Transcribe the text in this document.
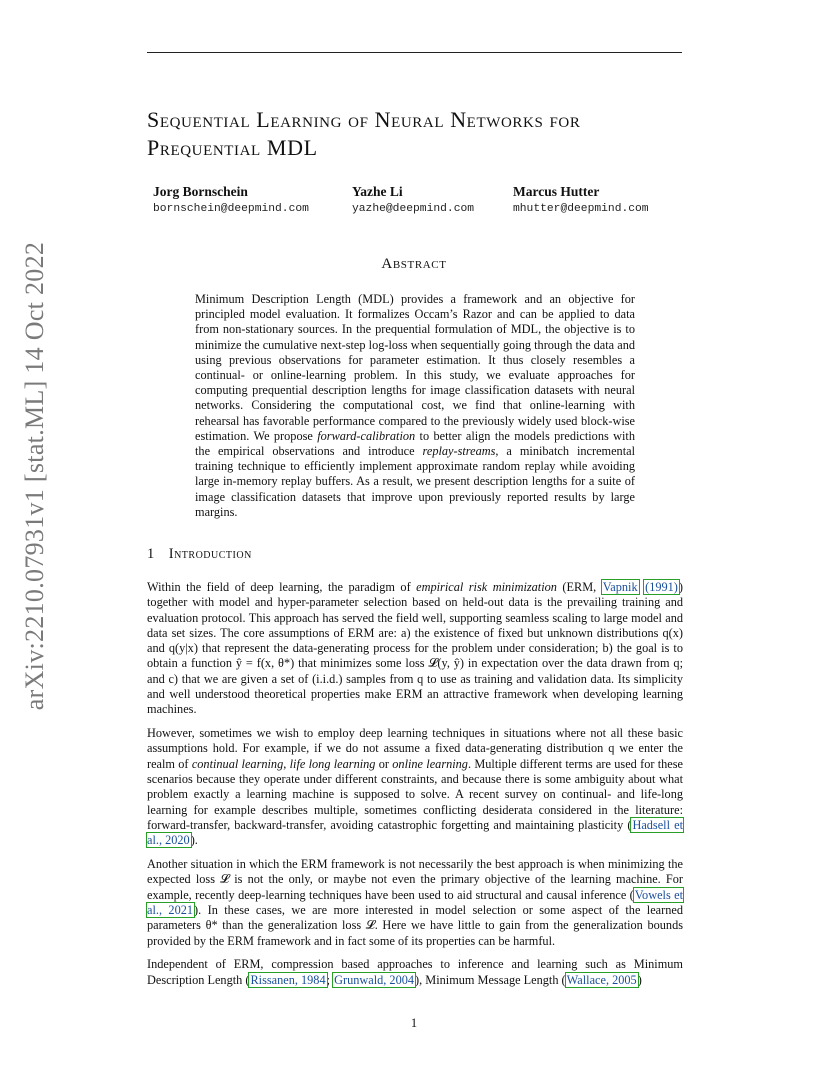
arXiv:2210.07931v1 [stat.ML] 14 Oct 2022
Sequential Learning of Neural Networks for Prequential MDL
Jorg Bornschein
bornschein@deepmind.com
Yazhe Li
yazhe@deepmind.com
Marcus Hutter
mhutter@deepmind.com
Abstract
Minimum Description Length (MDL) provides a framework and an objective for principled model evaluation. It formalizes Occam’s Razor and can be applied to data from non-stationary sources. In the prequential formulation of MDL, the objective is to minimize the cumulative next-step log-loss when sequentially going through the data and using previous observations for parameter estimation. It thus closely resembles a continual- or online-learning problem. In this study, we evaluate approaches for computing prequential description lengths for image classification datasets with neural networks. Considering the computational cost, we find that online-learning with rehearsal has favorable performance compared to the previously widely used block-wise estimation. We propose forward-calibration to better align the models predictions with the empirical observations and introduce replay-streams, a minibatch incremental training technique to efficiently implement approximate random replay while avoiding large in-memory replay buffers. As a result, we present description lengths for a suite of image classification datasets that improve upon previously reported results by large margins.
1 Introduction

Within the field of deep learning, the paradigm of empirical risk minimization (ERM, Vapnik (1991)) together with model and hyper-parameter selection based on held-out data is the prevailing training and evaluation protocol. This approach has served the field well, supporting seamless scaling to large model and data set sizes. The core assumptions of ERM are: a) the existence of fixed but unknown distributions q(x) and q(y|x) that represent the data-generating process for the problem under consideration; b) the goal is to obtain a function ŷ = f(x, θ*) that minimizes some loss 𝓛(y, ŷ) in expectation over the data drawn from q; and c) that we are given a set of (i.i.d.) samples from q to use as training and validation data. Its simplicity and well understood theoretical properties make ERM an attractive framework when developing learning machines.

However, sometimes we wish to employ deep learning techniques in situations where not all these basic assumptions hold. For example, if we do not assume a fixed data-generating distribution q we enter the realm of continual learning, life long learning or online learning. Multiple different terms are used for these scenarios because they operate under different constraints, and because there is some ambiguity about what problem exactly a learning machine is supposed to solve. A recent survey on continual- and life-long learning for example describes multiple, sometimes conflicting desiderata considered in the literature: forward-transfer, backward-transfer, avoiding catastrophic forgetting and maintaining plasticity (Hadsell et al., 2020).

Another situation in which the ERM framework is not necessarily the best approach is when minimizing the expected loss 𝓛 is not the only, or maybe not even the primary objective of the learning machine. For example, recently deep-learning techniques have been used to aid structural and causal inference (Vowels et al., 2021). In these cases, we are more interested in model selection or some aspect of the learned parameters θ* than the generalization loss 𝓛. Here we have little to gain from the generalization bounds provided by the ERM framework and in fact some of its properties can be harmful.

Independent of ERM, compression based approaches to inference and learning such as Minimum Description Length (Rissanen, 1984; Grunwald, 2004), Minimum Message Length (Wallace, 2005)

1
